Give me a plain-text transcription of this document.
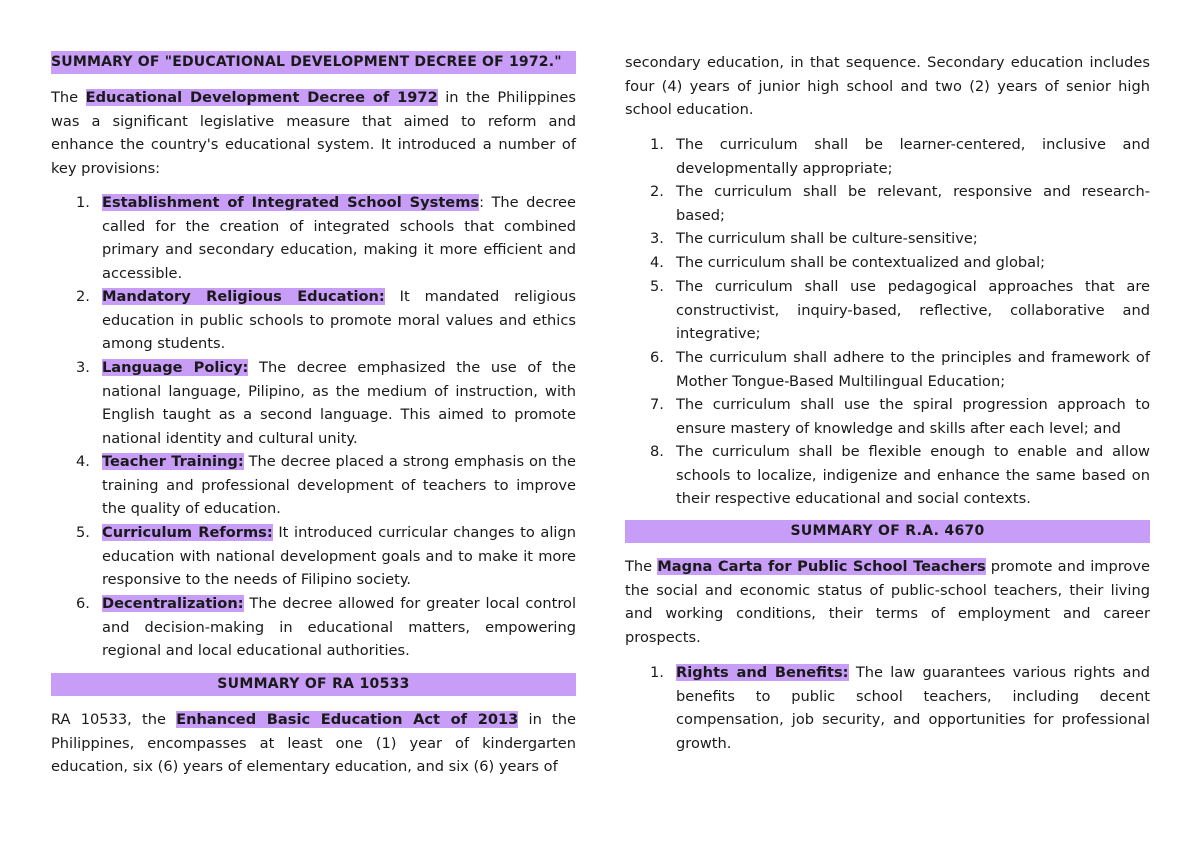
SUMMARY OF "EDUCATIONAL DEVELOPMENT DECREE OF 1972."

The Educational Development Decree of 1972 in the Philippines was a significant legislative measure that aimed to reform and enhance the country's educational system. It introduced a number of key provisions:

1. Establishment of Integrated School Systems: The decree called for the creation of integrated schools that combined primary and secondary education, making it more efficient and accessible.
2. Mandatory Religious Education: It mandated religious education in public schools to promote moral values and ethics among students.
3. Language Policy: The decree emphasized the use of the national language, Pilipino, as the medium of instruction, with English taught as a second language. This aimed to promote national identity and cultural unity.
4. Teacher Training: The decree placed a strong emphasis on the training and professional development of teachers to improve the quality of education.
5. Curriculum Reforms: It introduced curricular changes to align education with national development goals and to make it more responsive to the needs of Filipino society.
6. Decentralization: The decree allowed for greater local control and decision-making in educational matters, empowering regional and local educational authorities.
SUMMARY OF RA 10533

RA 10533, the Enhanced Basic Education Act of 2013 in the Philippines, encompasses at least one (1) year of kindergarten education, six (6) years of elementary education, and six (6) years of

secondary education, in that sequence. Secondary education includes four (4) years of junior high school and two (2) years of senior high school education.

1. The curriculum shall be learner-centered, inclusive and developmentally appropriate;
2. The curriculum shall be relevant, responsive and research-based;
3. The curriculum shall be culture-sensitive;
4. The curriculum shall be contextualized and global;
5. The curriculum shall use pedagogical approaches that are constructivist, inquiry-based, reflective, collaborative and integrative;
6. The curriculum shall adhere to the principles and framework of Mother Tongue-Based Multilingual Education;
7. The curriculum shall use the spiral progression approach to ensure mastery of knowledge and skills after each level; and
8. The curriculum shall be flexible enough to enable and allow schools to localize, indigenize and enhance the same based on their respective educational and social contexts.
SUMMARY OF R.A. 4670

The Magna Carta for Public School Teachers promote and improve the social and economic status of public-school teachers, their living and working conditions, their terms of employment and career prospects.

1. Rights and Benefits: The law guarantees various rights and benefits to public school teachers, including decent compensation, job security, and opportunities for professional growth.
